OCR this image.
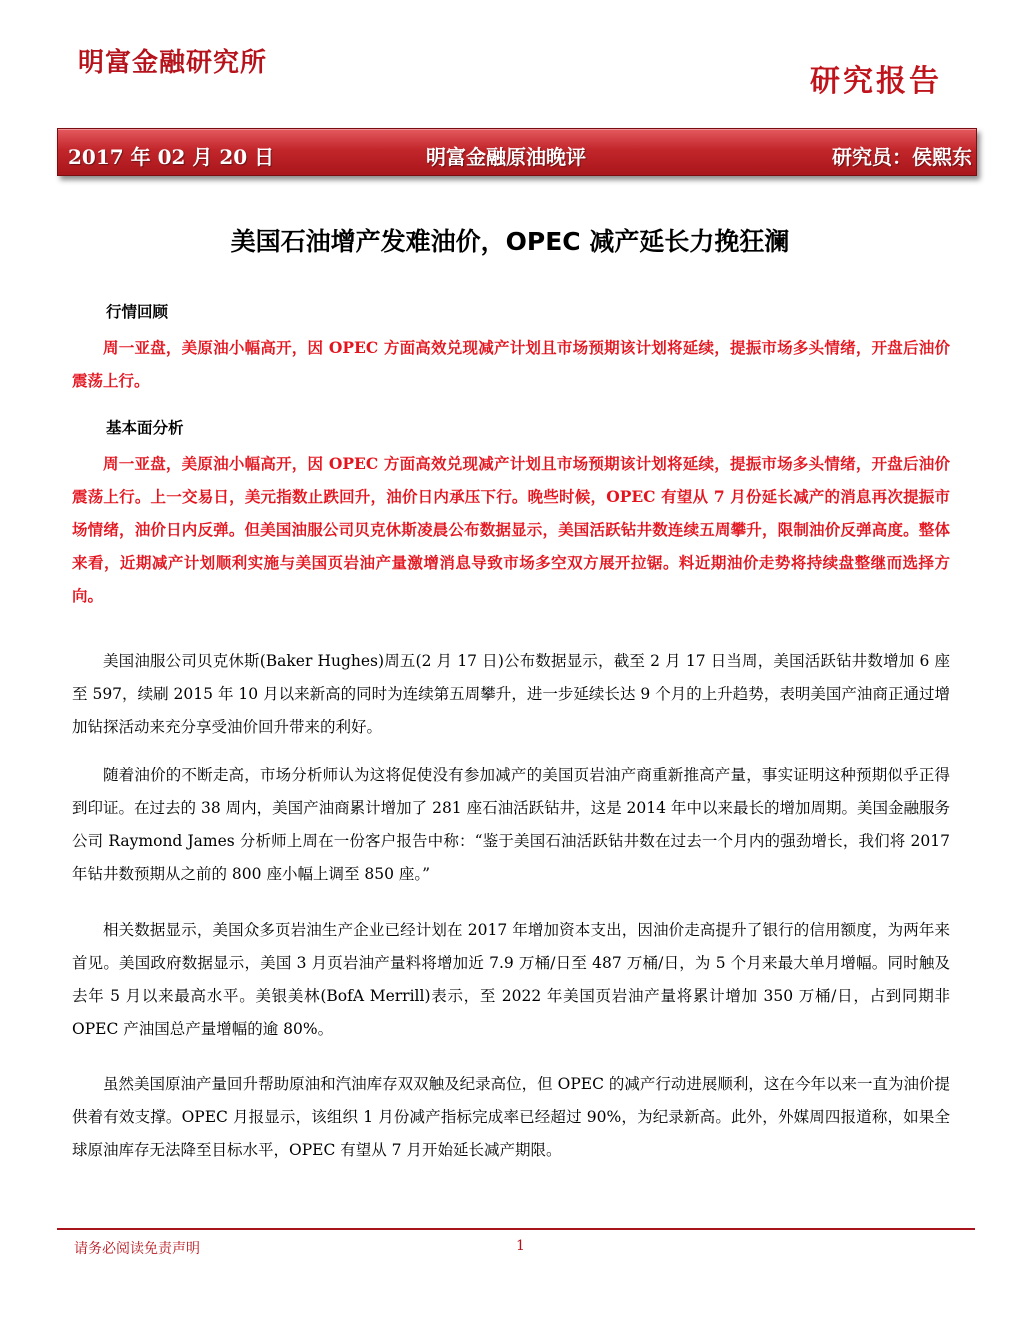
明富金融研究所
研究报告
2017 年 02 月 20 日	明富金融原油晚评	研究员：侯熙东
美国石油增产发难油价，OPEC 减产延长力挽狂澜
行情回顾

周一亚盘，美原油小幅高开，因 OPEC 方面高效兑现减产计划且市场预期该计划将延续，提振市场多头情绪，开盘后油价震荡上行。

基本面分析

周一亚盘，美原油小幅高开，因 OPEC 方面高效兑现减产计划且市场预期该计划将延续，提振市场多头情绪，开盘后油价震荡上行。上一交易日，美元指数止跌回升，油价日内承压下行。晚些时候，OPEC 有望从 7 月份延长减产的消息再次提振市场情绪，油价日内反弹。但美国油服公司贝克休斯凌晨公布数据显示，美国活跃钻井数连续五周攀升，限制油价反弹高度。整体来看，近期减产计划顺利实施与美国页岩油产量激增消息导致市场多空双方展开拉锯。料近期油价走势将持续盘整继而选择方向。

美国油服公司贝克休斯(Baker Hughes)周五(2 月 17 日)公布数据显示，截至 2 月 17 日当周，美国活跃钻井数增加 6 座至 597，续刷 2015 年 10 月以来新高的同时为连续第五周攀升，进一步延续长达 9 个月的上升趋势，表明美国产油商正通过增加钻探活动来充分享受油价回升带来的利好。

随着油价的不断走高，市场分析师认为这将促使没有参加减产的美国页岩油产商重新推高产量，事实证明这种预期似乎正得到印证。在过去的 38 周内，美国产油商累计增加了 281 座石油活跃钻井，这是 2014 年中以来最长的增加周期。美国金融服务公司 Raymond James 分析师上周在一份客户报告中称：“鉴于美国石油活跃钻井数在过去一个月内的强劲增长，我们将 2017 年钻井数预期从之前的 800 座小幅上调至 850 座。”

相关数据显示，美国众多页岩油生产企业已经计划在 2017 年增加资本支出，因油价走高提升了银行的信用额度，为两年来首见。美国政府数据显示，美国 3 月页岩油产量料将增加近 7.9 万桶/日至 487 万桶/日，为 5 个月来最大单月增幅。同时触及去年 5 月以来最高水平。美银美林(BofA Merrill)表示，至 2022 年美国页岩油产量将累计增加 350 万桶/日，占到同期非 OPEC 产油国总产量增幅的逾 80%。

虽然美国原油产量回升帮助原油和汽油库存双双触及纪录高位，但 OPEC 的减产行动进展顺利，这在今年以来一直为油价提供着有效支撑。OPEC 月报显示，该组织 1 月份减产指标完成率已经超过 90%，为纪录新高。此外，外媒周四报道称，如果全球原油库存无法降至目标水平，OPEC 有望从 7 月开始延长减产期限。

请务必阅读免责声明	1
